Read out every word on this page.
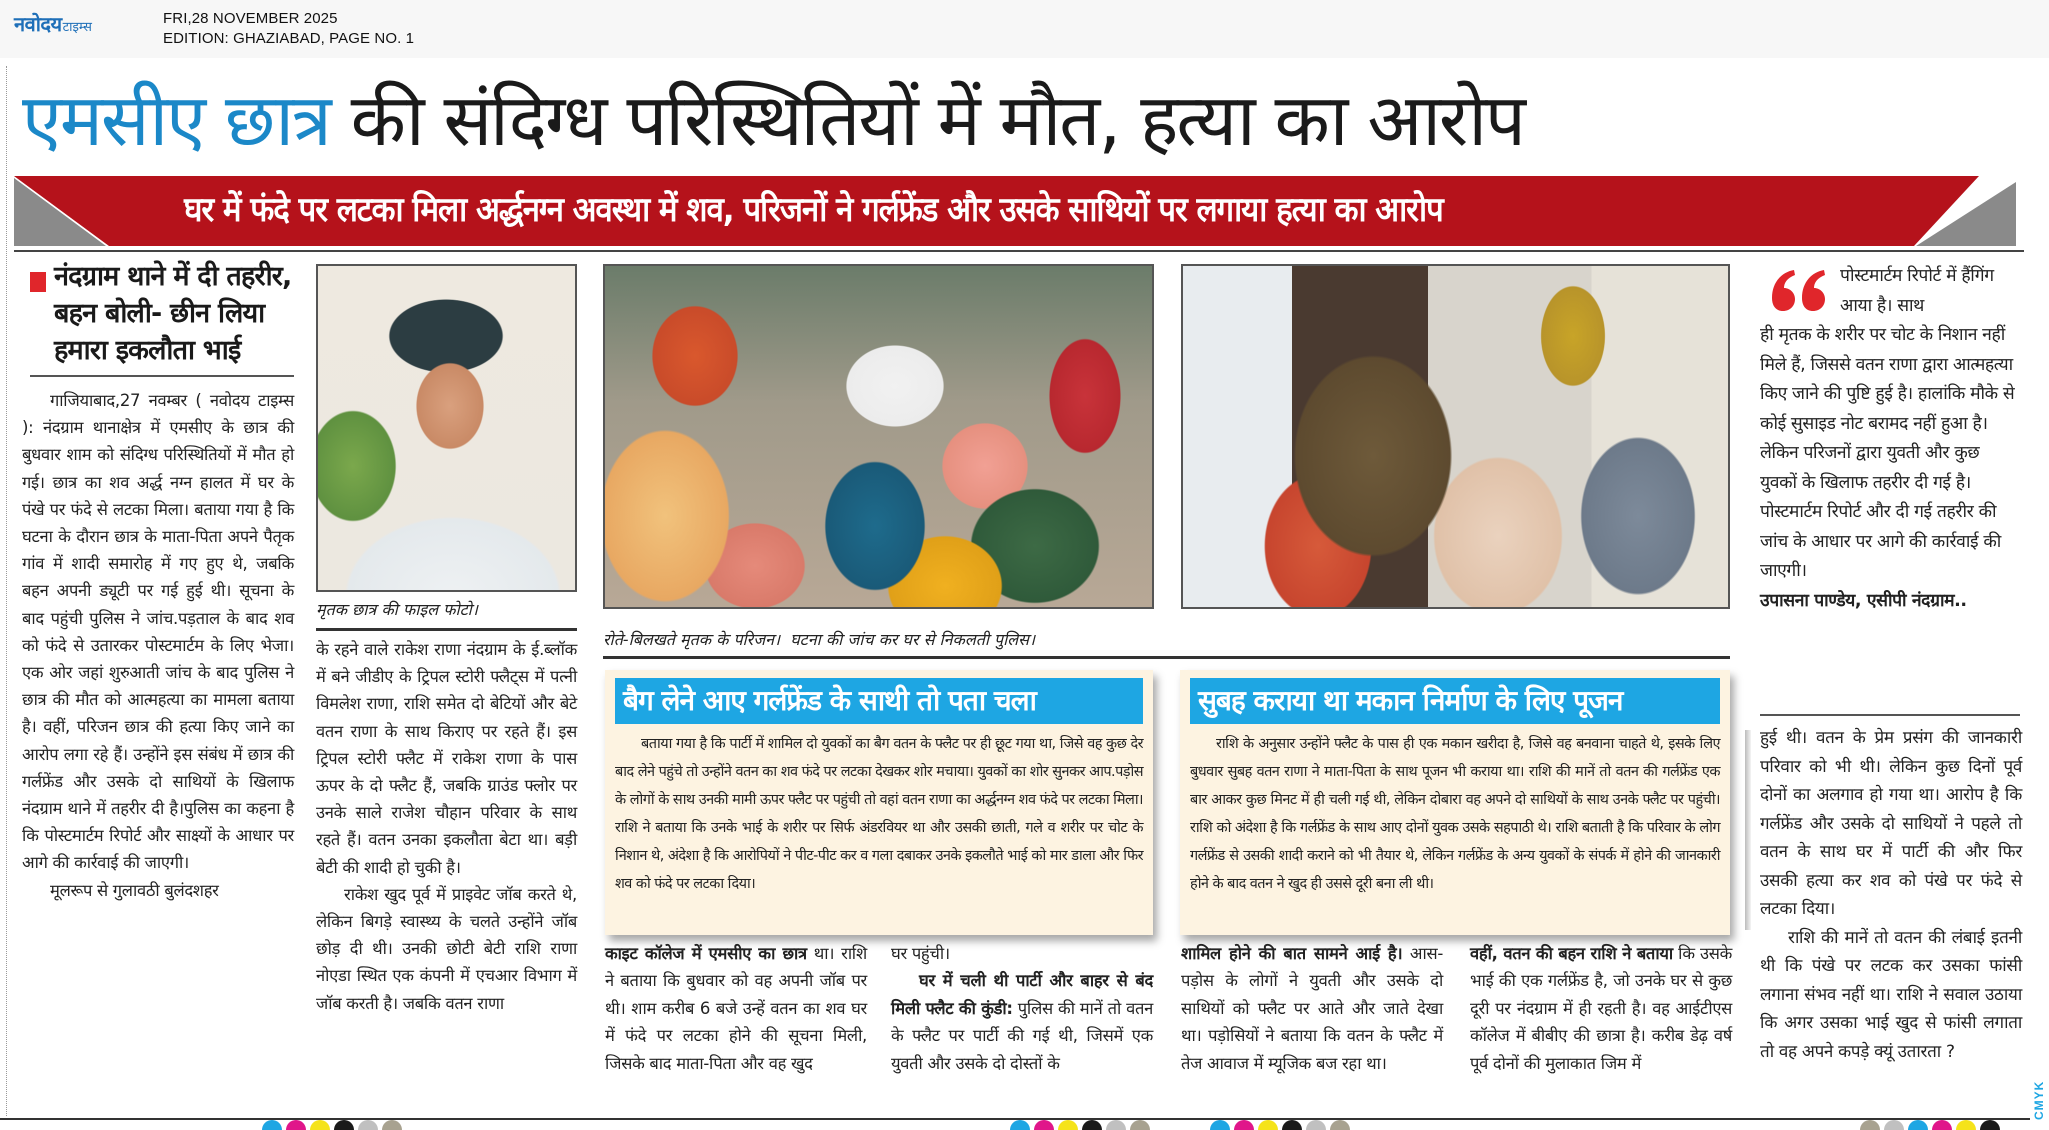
नवोदय टाइम्स
FRI,28 NOVEMBER 2025
EDITION: GHAZIABAD, PAGE NO. 1
एमसीए छात्र की संदिग्ध परिस्थितियों में मौत, हत्या का आरोप
घर में फंदे पर लटका मिला अर्द्धनग्न अवस्था में शव, परिजनों ने गर्लफ्रेंड और उसके साथियों पर लगाया हत्या का आरोप
नंदग्राम थाने में दी तहरीर, बहन बोली- छीन लिया हमारा इकलौता भाई

गाजियाबाद,27 नवम्बर ( नवोदय टाइम्स ): नंदग्राम थानाक्षेत्र में एमसीए के छात्र की बुधवार शाम को संदिग्ध परिस्थितियों में मौत हो गई। छात्र का शव अर्द्ध नग्न हालत में घर के पंखे पर फंदे से लटका मिला। बताया गया है कि घटना के दौरान छात्र के माता-पिता अपने पैतृक गांव में शादी समारोह में गए हुए थे, जबकि बहन अपनी ड्यूटी पर गई हुई थी। सूचना के बाद पहुंची पुलिस ने जांच.पड़ताल के बाद शव को फंदे से उतारकर पोस्टमार्टम के लिए भेजा। एक ओर जहां शुरुआती जांच के बाद पुलिस ने छात्र की मौत को आत्महत्या का मामला बताया है। वहीं, परिजन छात्र की हत्या किए जाने का आरोप लगा रहे हैं। उन्होंने इस संबंध में छात्र की गर्लफ्रेंड और उसके दो साथियों के खिलाफ नंदग्राम थाने में तहरीर दी है।पुलिस का कहना है कि पोस्टमार्टम रिपोर्ट और साक्ष्यों के आधार पर आगे की कार्रवाई की जाएगी।

मूलरूप से गुलावठी बुलंदशहर

मृतक छात्र की फाइल फोटो।

के रहने वाले राकेश राणा नंदग्राम के ई.ब्लॉक में बने जीडीए के ट्रिपल स्टोरी फ्लैट्स में पत्नी विमलेश राणा, राशि समेत दो बेटियों और बेटे वतन राणा के साथ किराए पर रहते हैं। इस ट्रिपल स्टोरी फ्लैट में राकेश राणा के पास ऊपर के दो फ्लैट हैं, जबकि ग्राउंड फ्लोर पर उनके साले राजेश चौहान परिवार के साथ रहते हैं। वतन उनका इकलौता बेटा था। बड़ी बेटी की शादी हो चुकी है।

राकेश खुद पूर्व में प्राइवेट जॉब करते थे, लेकिन बिगड़े स्वास्थ्य के चलते उन्होंने जॉब छोड़ दी थी। उनकी छोटी बेटी राशि राणा नोएडा स्थित एक कंपनी में एचआर विभाग में जॉब करती है। जबकि वतन राणा

रोते-बिलखते मृतक के परिजन। घटना की जांच कर घर से निकलती पुलिस।
बैग लेने आए गर्लफ्रेंड के साथी तो पता चला

बताया गया है कि पार्टी में शामिल दो युवकों का बैग वतन के फ्लैट पर ही छूट गया था, जिसे वह कुछ देर बाद लेने पहुंचे तो उन्होंने वतन का शव फंदे पर लटका देखकर शोर मचाया। युवकों का शोर सुनकर आप.पड़ोस के लोगों के साथ उनकी मामी ऊपर फ्लैट पर पहुंची तो वहां वतन राणा का अर्द्धनग्न शव फंदे पर लटका मिला। राशि ने बताया कि उनके भाई के शरीर पर सिर्फ अंडरवियर था और उसकी छाती, गले व शरीर पर चोट के निशान थे, अंदेशा है कि आरोपियों ने पीट-पीट कर व गला दबाकर उनके इकलौते भाई को मार डाला और फिर शव को फंदे पर लटका दिया।

सुबह कराया था मकान निर्माण के लिए पूजन

राशि के अनुसार उन्होंने फ्लैट के पास ही एक मकान खरीदा है, जिसे वह बनवाना चाहते थे, इसके लिए बुधवार सुबह वतन राणा ने माता-पिता के साथ पूजन भी कराया था। राशि की मानें तो वतन की गर्लफ्रेंड एक बार आकर कुछ मिनट में ही चली गई थी, लेकिन दोबारा वह अपने दो साथियों के साथ उनके फ्लैट पर पहुंची। राशि को अंदेशा है कि गर्लफ्रेंड के साथ आए दोनों युवक उसके सहपाठी थे। राशि बताती है कि परिवार के लोग गर्लफ्रेंड से उसकी शादी कराने को भी तैयार थे, लेकिन गर्लफ्रेंड के अन्य युवकों के संपर्क में होने की जानकारी होने के बाद वतन ने खुद ही उससे दूरी बना ली थी।

काइट कॉलेज में एमसीए का छात्र था। राशि ने बताया कि बुधवार को वह अपनी जॉब पर थी। शाम करीब 6 बजे उन्हें वतन का शव घर में फंदे पर लटका होने की सूचना मिली, जिसके बाद माता-पिता और वह खुद

घर पहुंची।

घर में चली थी पार्टी और बाहर से बंद मिली फ्लैट की कुंडी: पुलिस की मानें तो वतन के फ्लैट पर पार्टी की गई थी, जिसमें एक युवती और उसके दो दोस्तों के

शामिल होने की बात सामने आई है। आस-पड़ोस के लोगों ने युवती और उसके दो साथियों को फ्लैट पर आते और जाते देखा था। पड़ोसियों ने बताया कि वतन के फ्लैट में तेज आवाज में म्यूजिक बज रहा था।

वहीं, वतन की बहन राशि ने बताया कि उसके भाई की एक गर्लफ्रेंड है, जो उनके घर से कुछ दूरी पर नंदग्राम में ही रहती है। वह आईटीएस कॉलेज में बीबीए की छात्रा है। करीब डेढ़ वर्ष पूर्व दोनों की मुलाकात जिम में

पोस्टमार्टम रिपोर्ट में हैंगिंग आया है। साथ

ही मृतक के शरीर पर चोट के निशान नहीं मिले हैं, जिससे वतन राणा द्वारा आत्महत्या किए जाने की पुष्टि हुई है। हालांकि मौके से कोई सुसाइड नोट बरामद नहीं हुआ है। लेकिन परिजनों द्वारा युवती और कुछ युवकों के खिलाफ तहरीर दी गई है। पोस्टमार्टम रिपोर्ट और दी गई तहरीर की जांच के आधार पर आगे की कार्रवाई की जाएगी।

उपासना पाण्डेय, एसीपी नंदग्राम..

हुई थी। वतन के प्रेम प्रसंग की जानकारी परिवार को भी थी। लेकिन कुछ दिनों पूर्व दोनों का अलगाव हो गया था। आरोप है कि गर्लफ्रेंड और उसके दो साथियों ने पहले तो वतन के साथ घर में पार्टी की और फिर उसकी हत्या कर शव को पंखे पर फंदे से लटका दिया।

राशि की मानें तो वतन की लंबाई इतनी थी कि पंखे पर लटक कर उसका फांसी लगाना संभव नहीं था। राशि ने सवाल उठाया कि अगर उसका भाई खुद से फांसी लगाता तो वह अपने कपड़े क्यूं उतारता ?

CMYK
